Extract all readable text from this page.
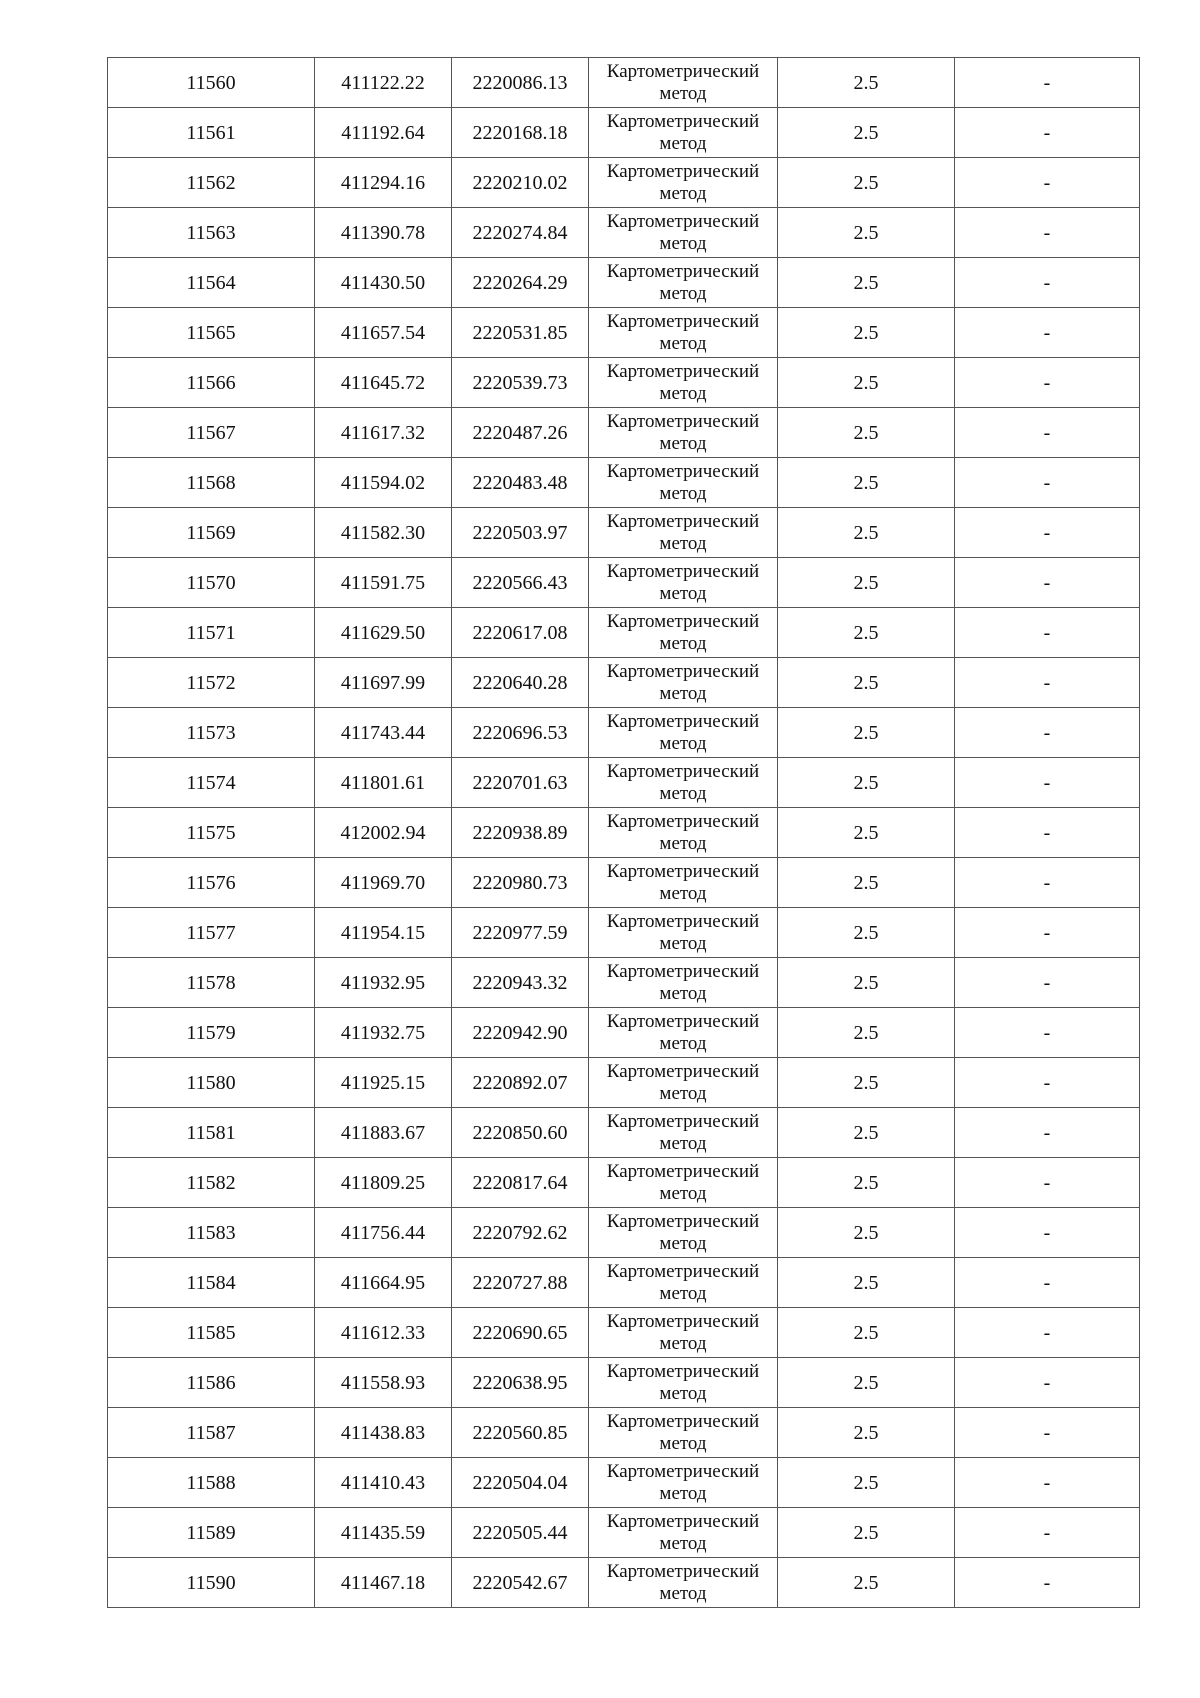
11560	411122.22	2220086.13	Картометрический
метод	2.5	-
11561	411192.64	2220168.18	Картометрический
метод	2.5	-
11562	411294.16	2220210.02	Картометрический
метод	2.5	-
11563	411390.78	2220274.84	Картометрический
метод	2.5	-
11564	411430.50	2220264.29	Картометрический
метод	2.5	-
11565	411657.54	2220531.85	Картометрический
метод	2.5	-
11566	411645.72	2220539.73	Картометрический
метод	2.5	-
11567	411617.32	2220487.26	Картометрический
метод	2.5	-
11568	411594.02	2220483.48	Картометрический
метод	2.5	-
11569	411582.30	2220503.97	Картометрический
метод	2.5	-
11570	411591.75	2220566.43	Картометрический
метод	2.5	-
11571	411629.50	2220617.08	Картометрический
метод	2.5	-
11572	411697.99	2220640.28	Картометрический
метод	2.5	-
11573	411743.44	2220696.53	Картометрический
метод	2.5	-
11574	411801.61	2220701.63	Картометрический
метод	2.5	-
11575	412002.94	2220938.89	Картометрический
метод	2.5	-
11576	411969.70	2220980.73	Картометрический
метод	2.5	-
11577	411954.15	2220977.59	Картометрический
метод	2.5	-
11578	411932.95	2220943.32	Картометрический
метод	2.5	-
11579	411932.75	2220942.90	Картометрический
метод	2.5	-
11580	411925.15	2220892.07	Картометрический
метод	2.5	-
11581	411883.67	2220850.60	Картометрический
метод	2.5	-
11582	411809.25	2220817.64	Картометрический
метод	2.5	-
11583	411756.44	2220792.62	Картометрический
метод	2.5	-
11584	411664.95	2220727.88	Картометрический
метод	2.5	-
11585	411612.33	2220690.65	Картометрический
метод	2.5	-
11586	411558.93	2220638.95	Картометрический
метод	2.5	-
11587	411438.83	2220560.85	Картометрический
метод	2.5	-
11588	411410.43	2220504.04	Картометрический
метод	2.5	-
11589	411435.59	2220505.44	Картометрический
метод	2.5	-
11590	411467.18	2220542.67	Картометрический
метод	2.5	-
